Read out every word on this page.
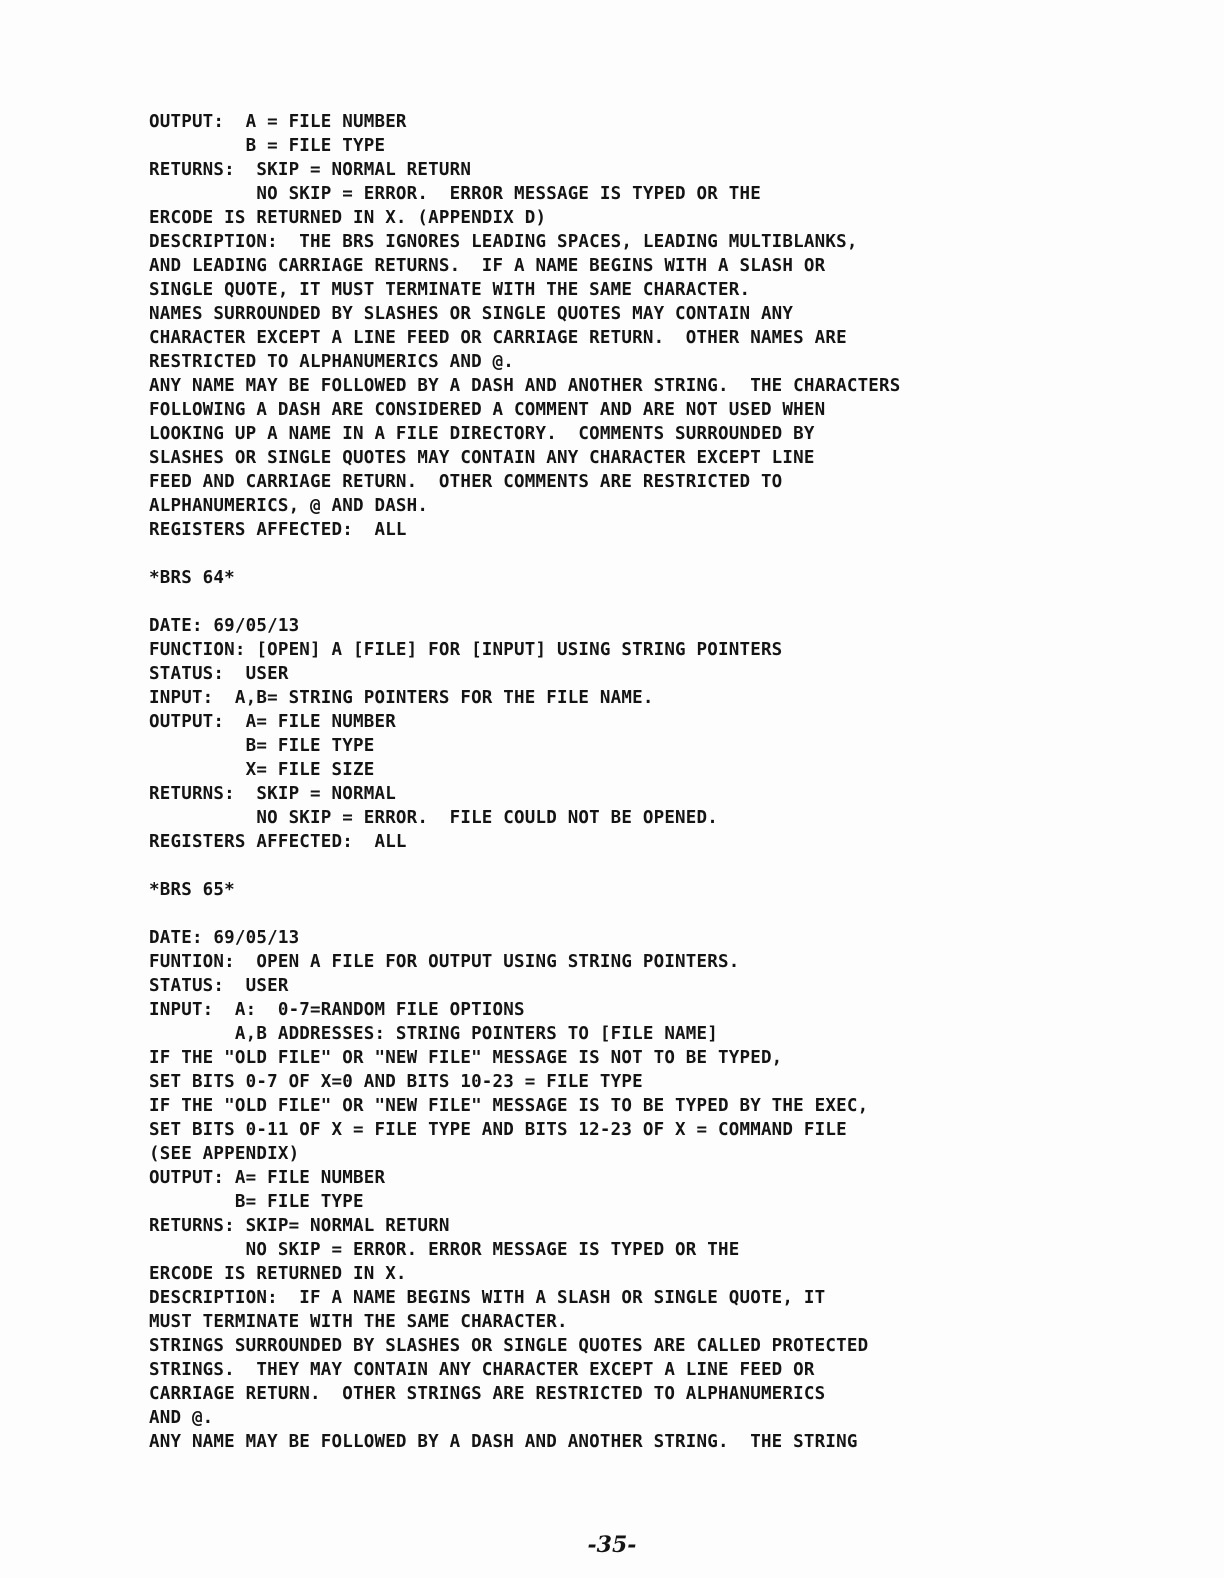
OUTPUT:  A = FILE NUMBER
B = FILE TYPE
RETURNS:  SKIP = NORMAL RETURN
NO SKIP = ERROR.  ERROR MESSAGE IS TYPED OR THE
ERCODE IS RETURNED IN X. (APPENDIX D)
DESCRIPTION:  THE BRS IGNORES LEADING SPACES, LEADING MULTIBLANKS,
AND LEADING CARRIAGE RETURNS.  IF A NAME BEGINS WITH A SLASH OR
SINGLE QUOTE, IT MUST TERMINATE WITH THE SAME CHARACTER.
NAMES SURROUNDED BY SLASHES OR SINGLE QUOTES MAY CONTAIN ANY
CHARACTER EXCEPT A LINE FEED OR CARRIAGE RETURN.  OTHER NAMES ARE
RESTRICTED TO ALPHANUMERICS AND @.
ANY NAME MAY BE FOLLOWED BY A DASH AND ANOTHER STRING.  THE CHARACTERS
FOLLOWING A DASH ARE CONSIDERED A COMMENT AND ARE NOT USED WHEN
LOOKING UP A NAME IN A FILE DIRECTORY.  COMMENTS SURROUNDED BY
SLASHES OR SINGLE QUOTES MAY CONTAIN ANY CHARACTER EXCEPT LINE
FEED AND CARRIAGE RETURN.  OTHER COMMENTS ARE RESTRICTED TO
ALPHANUMERICS, @ AND DASH.
REGISTERS AFFECTED:  ALL
*BRS 64*
DATE: 69/05/13
FUNCTION: [OPEN] A [FILE] FOR [INPUT] USING STRING POINTERS
STATUS:  USER
INPUT:  A,B= STRING POINTERS FOR THE FILE NAME.
OUTPUT:  A= FILE NUMBER
B= FILE TYPE
X= FILE SIZE
RETURNS:  SKIP = NORMAL
NO SKIP = ERROR.  FILE COULD NOT BE OPENED.
REGISTERS AFFECTED:  ALL
*BRS 65*
DATE: 69/05/13
FUNTION:  OPEN A FILE FOR OUTPUT USING STRING POINTERS.
STATUS:  USER
INPUT:  A:  0-7=RANDOM FILE OPTIONS
A,B ADDRESSES: STRING POINTERS TO [FILE NAME]
IF THE "OLD FILE" OR "NEW FILE" MESSAGE IS NOT TO BE TYPED,
SET BITS 0-7 OF X=0 AND BITS 10-23 = FILE TYPE
IF THE "OLD FILE" OR "NEW FILE" MESSAGE IS TO BE TYPED BY THE EXEC,
SET BITS 0-11 OF X = FILE TYPE AND BITS 12-23 OF X = COMMAND FILE
(SEE APPENDIX)
OUTPUT: A= FILE NUMBER
B= FILE TYPE
RETURNS: SKIP= NORMAL RETURN
NO SKIP = ERROR. ERROR MESSAGE IS TYPED OR THE
ERCODE IS RETURNED IN X.
DESCRIPTION:  IF A NAME BEGINS WITH A SLASH OR SINGLE QUOTE, IT
MUST TERMINATE WITH THE SAME CHARACTER.
STRINGS SURROUNDED BY SLASHES OR SINGLE QUOTES ARE CALLED PROTECTED
STRINGS.  THEY MAY CONTAIN ANY CHARACTER EXCEPT A LINE FEED OR
CARRIAGE RETURN.  OTHER STRINGS ARE RESTRICTED TO ALPHANUMERICS
AND @.
ANY NAME MAY BE FOLLOWED BY A DASH AND ANOTHER STRING.  THE STRING
-35-
